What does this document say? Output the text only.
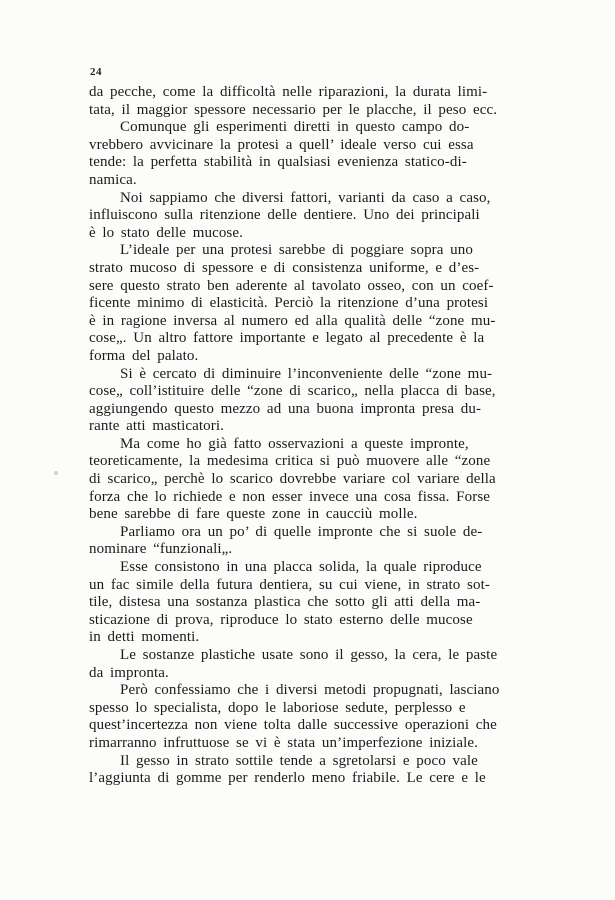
24

da pecche, come la difficoltà nelle riparazioni, la durata limi-
tata, il maggior spessore necessario per le placche, il peso ecc.

Comunque gli esperimenti diretti in questo campo do-
vrebbero avvicinare la protesi a quell’ ideale verso cui essa
tende: la perfetta stabilità in qualsiasi evenienza statico-di-
namica.

Noi sappiamo che diversi fattori, varianti da caso a caso,
influiscono sulla ritenzione delle dentiere. Uno dei principali
è lo stato delle mucose.

L’ideale per una protesi sarebbe di poggiare sopra uno
strato mucoso di spessore e di consistenza uniforme, e d’es-
sere questo strato ben aderente al tavolato osseo, con un coef-
ficente minimo di elasticità. Perciò la ritenzione d’una protesi
è in ragione inversa al numero ed alla qualità delle “zone mu-
cose„. Un altro fattore importante e legato al precedente è la
forma del palato.

Si è cercato di diminuire l’inconveniente delle “zone mu-
cose„ coll’istituire delle “zone di scarico„ nella placca di base,
aggiungendo questo mezzo ad una buona impronta presa du-
rante atti masticatori.

Ma come ho già fatto osservazioni a queste impronte,
teoreticamente, la medesima critica si può muovere alle “zone
di scarico„ perchè lo scarico dovrebbe variare col variare della
forza che lo richiede e non esser invece una cosa fissa. Forse
bene sarebbe di fare queste zone in caucciù molle.

Parliamo ora un po’ di quelle impronte che si suole de-
nominare “funzionali„.

Esse consistono in una placca solida, la quale riproduce
un fac simile della futura dentiera, su cui viene, in strato sot-
tile, distesa una sostanza plastica che sotto gli atti della ma-
sticazione di prova, riproduce lo stato esterno delle mucose
in detti momenti.

Le sostanze plastiche usate sono il gesso, la cera, le paste
da impronta.

Però confessiamo che i diversi metodi propugnati, lasciano
spesso lo specialista, dopo le laboriose sedute, perplesso e
quest’incertezza non viene tolta dalle successive operazioni che
rimarranno infruttuose se vi è stata un’imperfezione iniziale.

Il gesso in strato sottile tende a sgretolarsi e poco vale
l’aggiunta di gomme per renderlo meno friabile. Le cere e le
